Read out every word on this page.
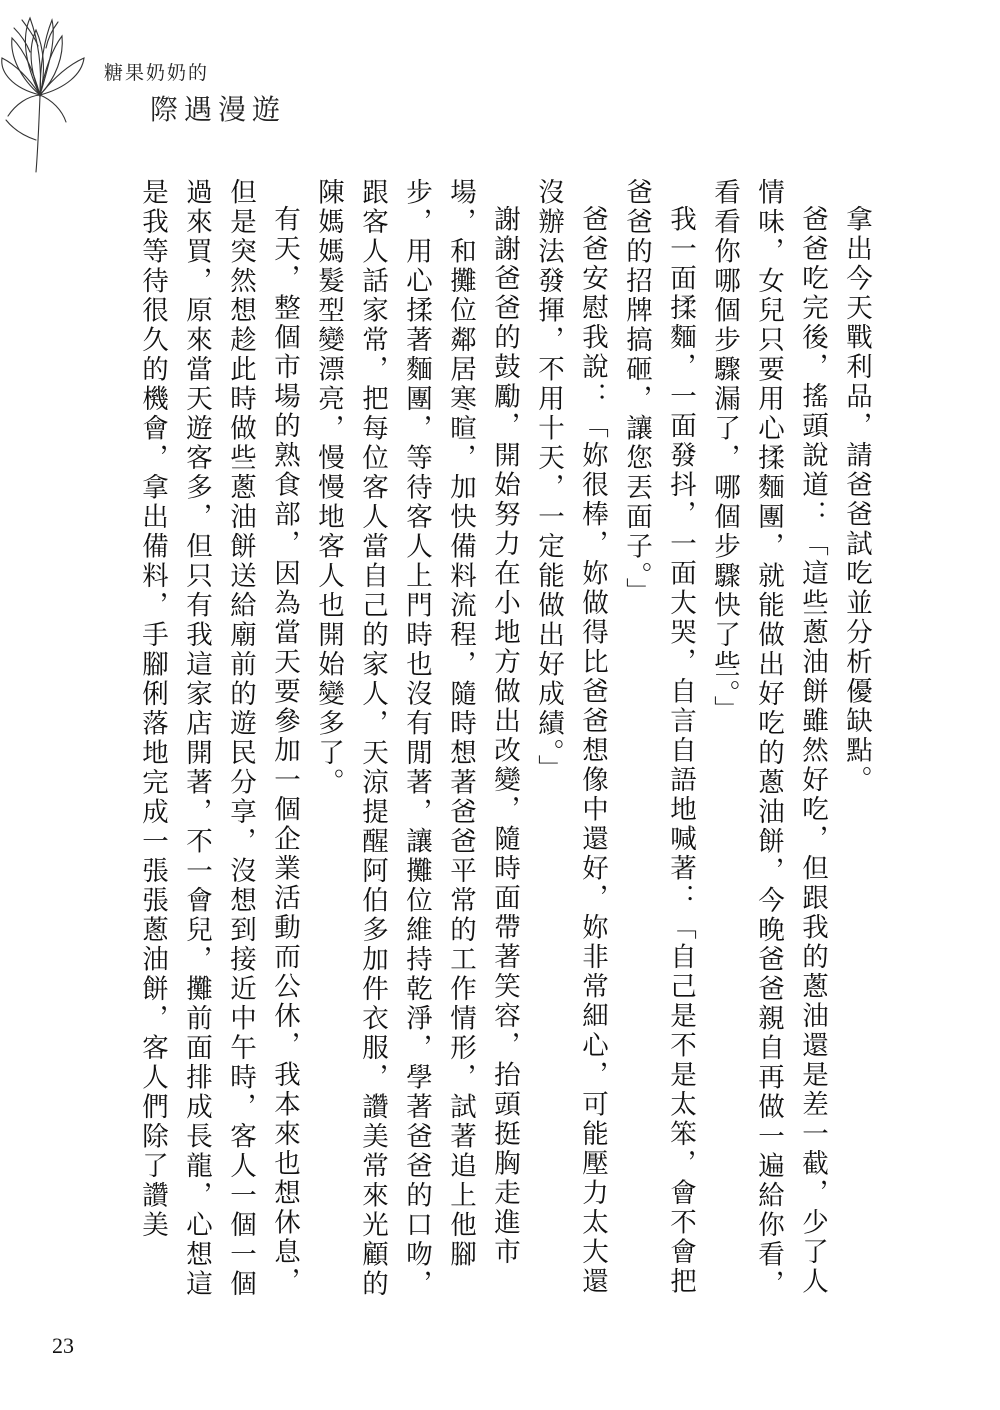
糖果奶奶的
際遇漫遊

拿出今天戰利品，請爸爸試吃並分析優缺點。

爸爸吃完後，搖頭說道：「這些蔥油餅雖然好吃，但跟我的蔥油還是差一截，少了人情味，女兒只要用心揉麵團，就能做出好吃的蔥油餅，今晚爸爸親自再做一遍給你看，看看你哪個步驟漏了，哪個步驟快了些。」

我一面揉麵，一面發抖，一面大哭，自言自語地喊著：「自己是不是太笨，會不會把爸爸的招牌搞砸，讓您丟面子。」

爸爸安慰我說：「妳很棒，妳做得比爸爸想像中還好，妳非常細心，可能壓力太大還沒辦法發揮，不用十天，一定能做出好成績。」

謝謝爸爸的鼓勵，開始努力在小地方做出改變，隨時面帶著笑容，抬頭挺胸走進市場，和攤位鄰居寒暄，加快備料流程，隨時想著爸爸平常的工作情形，試著追上他腳步，用心揉著麵團，等待客人上門時也沒有閒著，讓攤位維持乾淨，學著爸爸的口吻，跟客人話家常，把每位客人當自己的家人，天涼提醒阿伯多加件衣服，讚美常來光顧的陳媽媽髮型變漂亮，慢慢地客人也開始變多了。

有天，整個市場的熟食部，因為當天要參加一個企業活動而公休，我本來也想休息，但是突然想趁此時做些蔥油餅送給廟前的遊民分享，沒想到接近中午時，客人一個一個過來買，原來當天遊客多，但只有我這家店開著，不一會兒，攤前面排成長龍，心想這是我等待很久的機會，拿出備料，手腳俐落地完成一張張蔥油餅，客人們除了讚美

23
